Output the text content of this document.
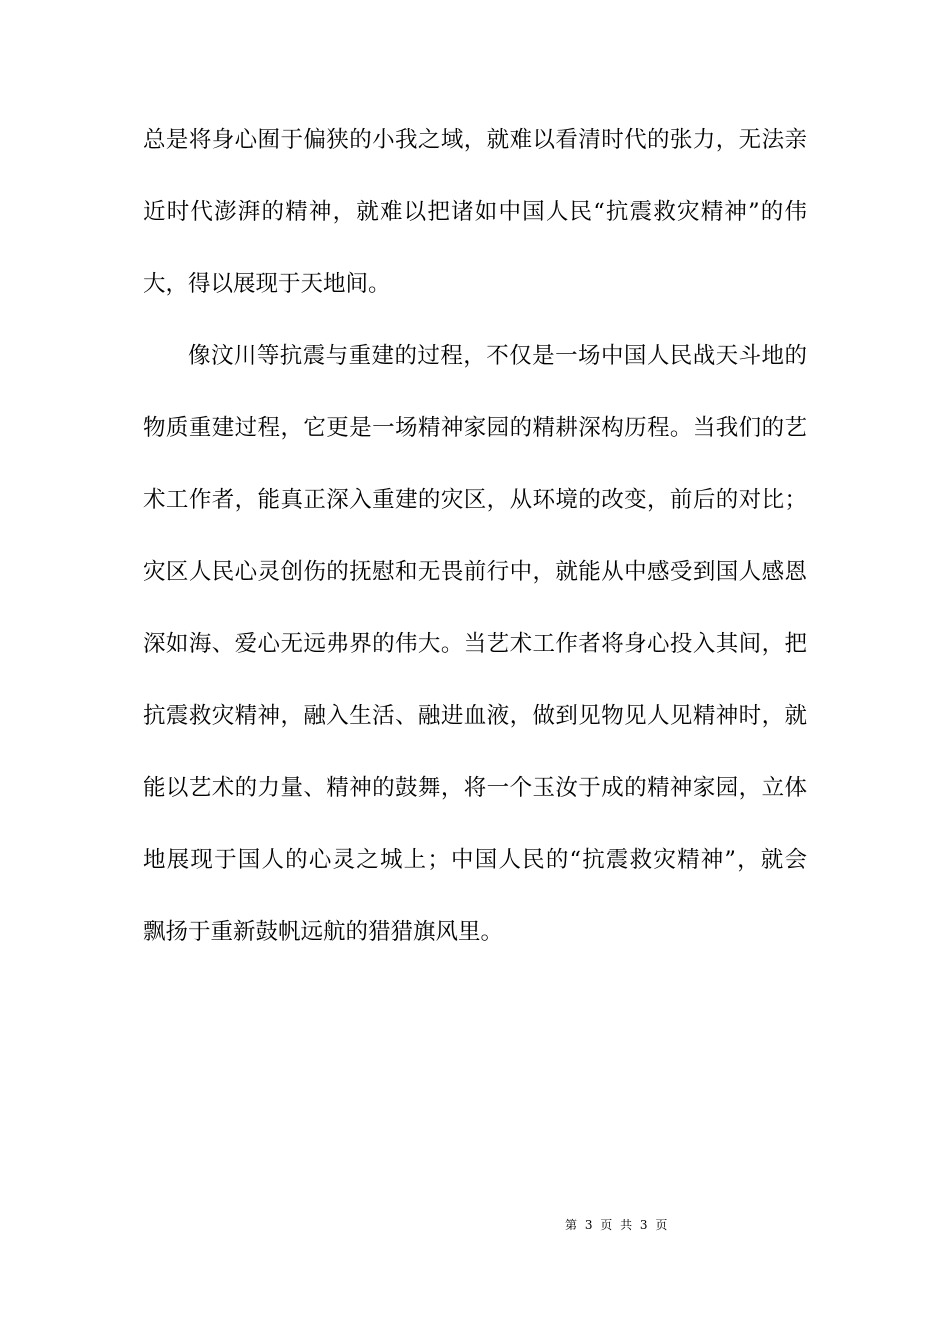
总是将身心囿于偏狭的小我之域，就难以看清时代的张力，无法亲
近时代澎湃的精神，就难以把诸如中国人民“抗震救灾精神”的伟
大，得以展现于天地间。
像汶川等抗震与重建的过程，不仅是一场中国人民战天斗地的
物质重建过程，它更是一场精神家园的精耕深构历程。当我们的艺
术工作者，能真正深入重建的灾区，从环境的改变，前后的对比；
灾区人民心灵创伤的抚慰和无畏前行中，就能从中感受到国人感恩
深如海、爱心无远弗界的伟大。当艺术工作者将身心投入其间，把
抗震救灾精神，融入生活、融进血液，做到见物见人见精神时，就
能以艺术的力量、精神的鼓舞，将一个玉汝于成的精神家园，立体
地展现于国人的心灵之城上；中国人民的“抗震救灾精神”，就会
飘扬于重新鼓帆远航的猎猎旗风里。
第 3 页 共 3 页
